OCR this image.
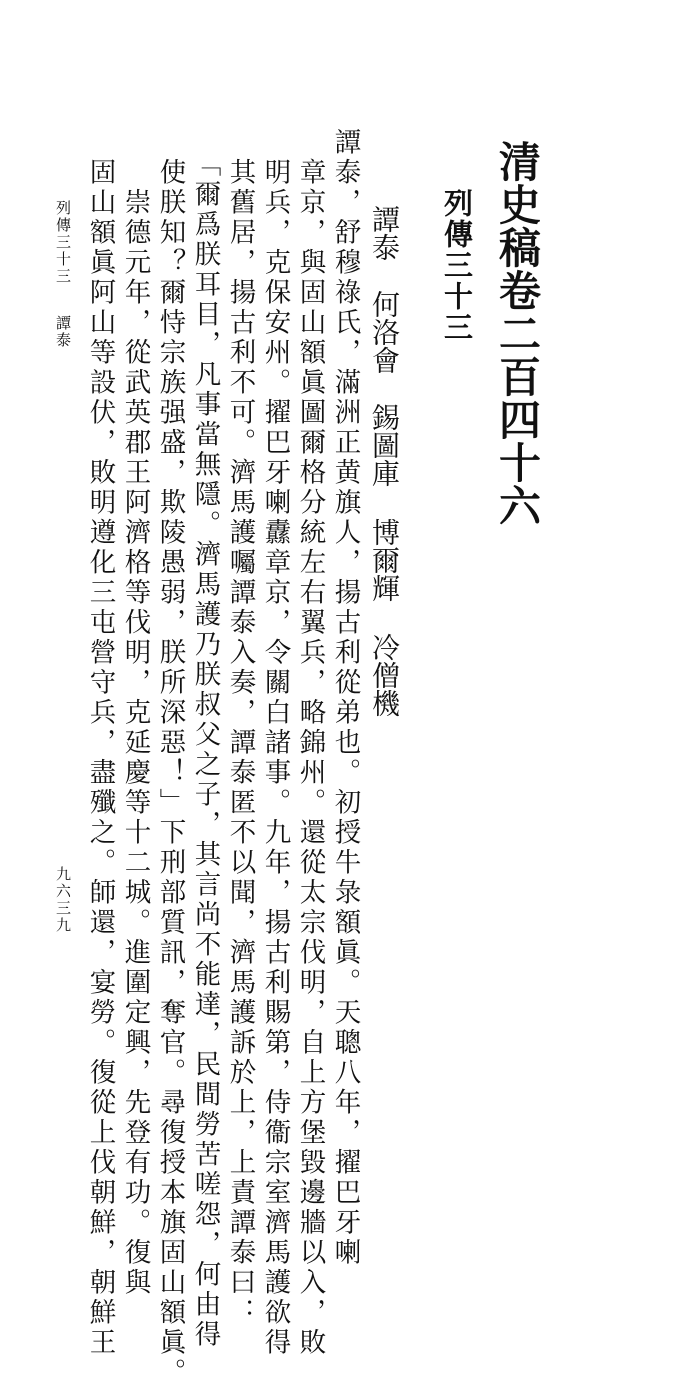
清史稿卷二百四十六
列傳三十三
譚泰
何洛會
錫圖庫
博爾輝
冷僧機
譚泰，舒穆祿氏，滿洲正黄旗人，揚古利從弟也。初授牛彔額眞。天聰八年，擢巴牙喇
章京，與固山額眞圖爾格分統左右翼兵，略錦州。還從太宗伐明，自上方堡毀邊牆以入，敗
明兵，克保安州。擢巴牙喇纛章京，令關白諸事。九年，揚古利賜第，侍衞宗室濟馬護欲得
其舊居，揚古利不可。濟馬護囑譚泰入奏，譚泰匿不以聞，濟馬護訴於上，上責譚泰曰：
「爾爲朕耳目，凡事當無隱。濟馬護乃朕叔父之子，其言尚不能達，民間勞苦嗟怨，何由得
使朕知？爾恃宗族强盛，欺陵愚弱，朕所深惡！」下刑部質訊，奪官。尋復授本旗固山額眞。
崇德元年，從武英郡王阿濟格等伐明，克延慶等十二城。進圍定興，先登有功。復與
固山額眞阿山等設伏，敗明遵化三屯營守兵，盡殲之。師還，宴勞。復從上伐朝鮮，朝鮮王
列傳三十三譚泰
九六三九
